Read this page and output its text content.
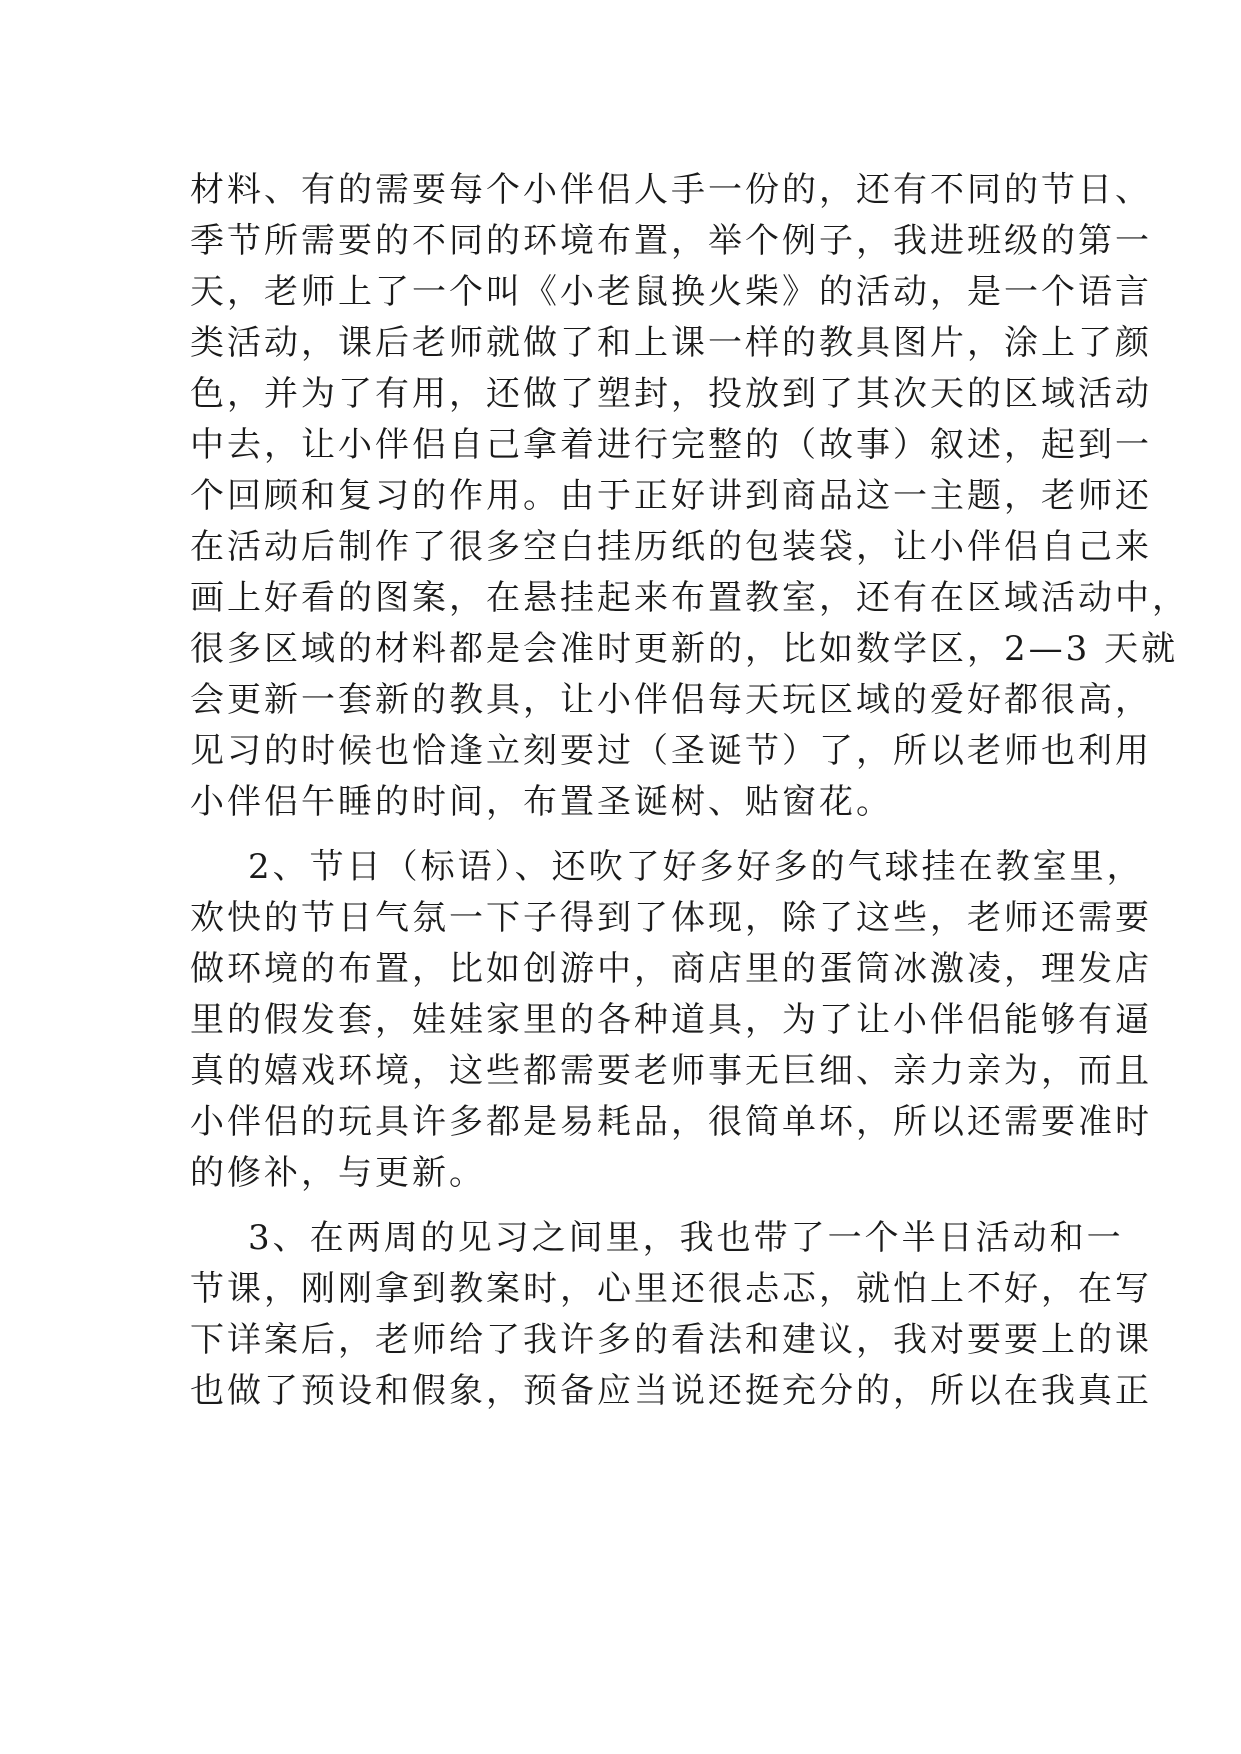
材料、有的需要每个小伴侣人手一份的，还有不同的节日、
季节所需要的不同的环境布置，举个例子，我进班级的第一
天，老师上了一个叫《小老鼠换火柴》的活动，是一个语言
类活动，课后老师就做了和上课一样的教具图片，涂上了颜
色，并为了有用，还做了塑封，投放到了其次天的区域活动
中去，让小伴侣自己拿着进行完整的（故事）叙述，起到一
个回顾和复习的作用。由于正好讲到商品这一主题，老师还
在活动后制作了很多空白挂历纸的包装袋，让小伴侣自己来
画上好看的图案，在悬挂起来布置教室，还有在区域活动中，
很多区域的材料都是会准时更新的，比如数学区，2—3 天就
会更新一套新的教具，让小伴侣每天玩区域的爱好都很高，
见习的时候也恰逢立刻要过（圣诞节）了，所以老师也利用
小伴侣午睡的时间，布置圣诞树、贴窗花。
2、节日（标语）、还吹了好多好多的气球挂在教室里，
欢快的节日气氛一下子得到了体现，除了这些，老师还需要
做环境的布置，比如创游中，商店里的蛋筒冰激凌，理发店
里的假发套，娃娃家里的各种道具，为了让小伴侣能够有逼
真的嬉戏环境，这些都需要老师事无巨细、亲力亲为，而且
小伴侣的玩具许多都是易耗品，很简单坏，所以还需要准时
的修补，与更新。
3、在两周的见习之间里，我也带了一个半日活动和一
节课，刚刚拿到教案时，心里还很忐忑，就怕上不好，在写
下详案后，老师给了我许多的看法和建议，我对要要上的课
也做了预设和假象，预备应当说还挺充分的，所以在我真正
